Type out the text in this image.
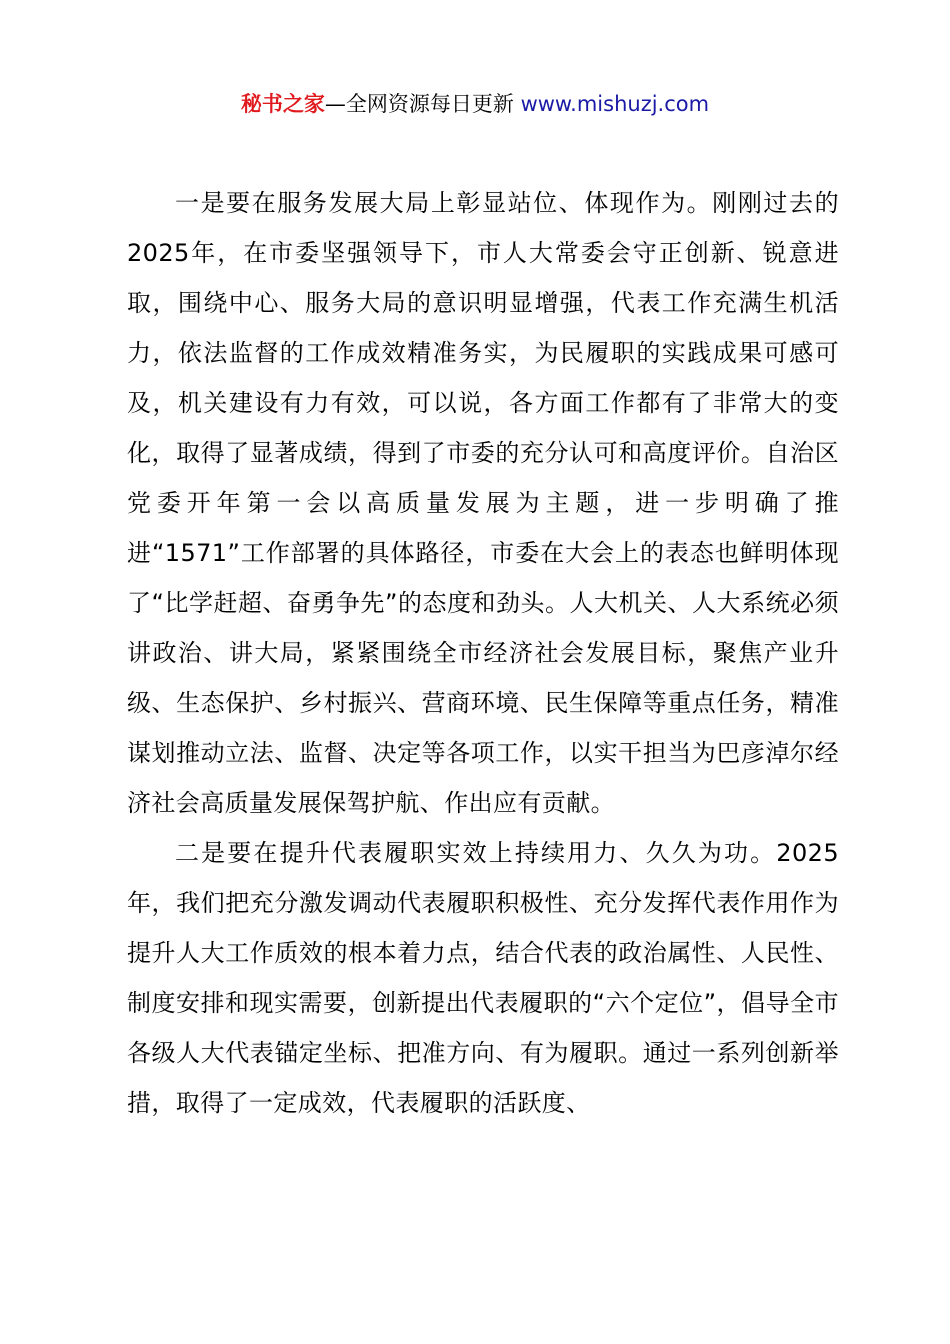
秘书之家—全网资源每日更新 www.mishuzj.com

一是要在服务发展大局上彰显站位、体现作为。刚刚过去的2025年，在市委坚强领导下，市人大常委会守正创新、锐意进取，围绕中心、服务大局的意识明显增强，代表工作充满生机活力，依法监督的工作成效精准务实，为民履职的实践成果可感可及，机关建设有力有效，可以说，各方面工作都有了非常大的变化，取得了显著成绩，得到了市委的充分认可和高度评价。自治区党委开年第一会以高质量发展为主题，进一步明确了推进“1571”工作部署的具体路径，市委在大会上的表态也鲜明体现了“比学赶超、奋勇争先”的态度和劲头。人大机关、人大系统必须讲政治、讲大局，紧紧围绕全市经济社会发展目标，聚焦产业升级、生态保护、乡村振兴、营商环境、民生保障等重点任务，精准谋划推动立法、监督、决定等各项工作，以实干担当为巴彦淖尔经济社会高质量发展保驾护航、作出应有贡献。

二是要在提升代表履职实效上持续用力、久久为功。2025年，我们把充分激发调动代表履职积极性、充分发挥代表作用作为提升人大工作质效的根本着力点，结合代表的政治属性、人民性、制度安排和现实需要，创新提出代表履职的“六个定位”，倡导全市各级人大代表锚定坐标、把准方向、有为履职。通过一系列创新举措，取得了一定成效，代表履职的活跃度、
